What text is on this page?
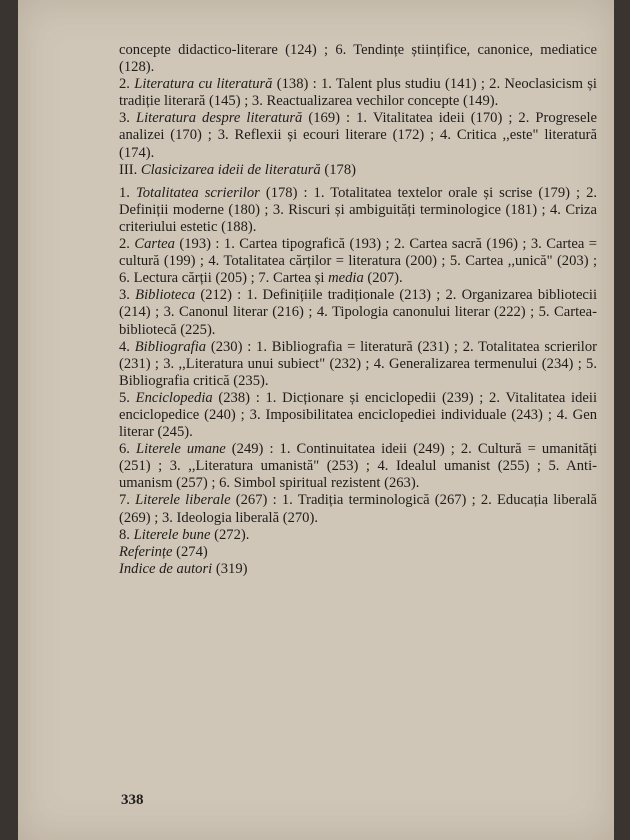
concepte didactico-literare (124) ; 6. Tendințe științifice, canonice, mediatice (128).

2. Literatura cu literatură (138) : 1. Talent plus studiu (141) ; 2. Neoclasicism și tradiție literară (145) ; 3. Reactualizarea vechilor concepte (149).

3. Literatura despre literatură (169) : 1. Vitalitatea ideii (170) ; 2. Progresele analizei (170) ; 3. Reflexii și ecouri literare (172) ; 4. Critica ,,este" literatură (174).

III. Clasicizarea ideii de literatură (178)

1. Totalitatea scrierilor (178) : 1. Totalitatea textelor orale și scrise (179) ; 2. Definiții moderne (180) ; 3. Riscuri și ambiguități terminologice (181) ; 4. Criza criteriului estetic (188).

2. Cartea (193) : 1. Cartea tipografică (193) ; 2. Cartea sacră (196) ; 3. Cartea = cultură (199) ; 4. Totalitatea cărților = literatura (200) ; 5. Cartea ,,unică" (203) ; 6. Lectura cărții (205) ; 7. Cartea și media (207).

3. Biblioteca (212) : 1. Definițiile tradiționale (213) ; 2. Organizarea bibliotecii (214) ; 3. Canonul literar (216) ; 4. Tipologia canonului literar (222) ; 5. Cartea-bibliotecă (225).

4. Bibliografia (230) : 1. Bibliografia = literatură (231) ; 2. Totalitatea scrierilor (231) ; 3. ,,Literatura unui subiect" (232) ; 4. Generalizarea termenului (234) ; 5. Bibliografia critică (235).

5. Enciclopedia (238) : 1. Dicționare și enciclopedii (239) ; 2. Vitalitatea ideii enciclopedice (240) ; 3. Imposibilitatea enciclopediei individuale (243) ; 4. Gen literar (245).

6. Literele umane (249) : 1. Continuitatea ideii (249) ; 2. Cultură = umanități (251) ; 3. ,,Literatura umanistă" (253) ; 4. Idealul umanist (255) ; 5. Anti-umanism (257) ; 6. Simbol spiritual rezistent (263).

7. Literele liberale (267) : 1. Tradiția terminologică (267) ; 2. Educația liberală (269) ; 3. Ideologia liberală (270).

8. Literele bune (272).

Referințe (274)

Indice de autori (319)

338
